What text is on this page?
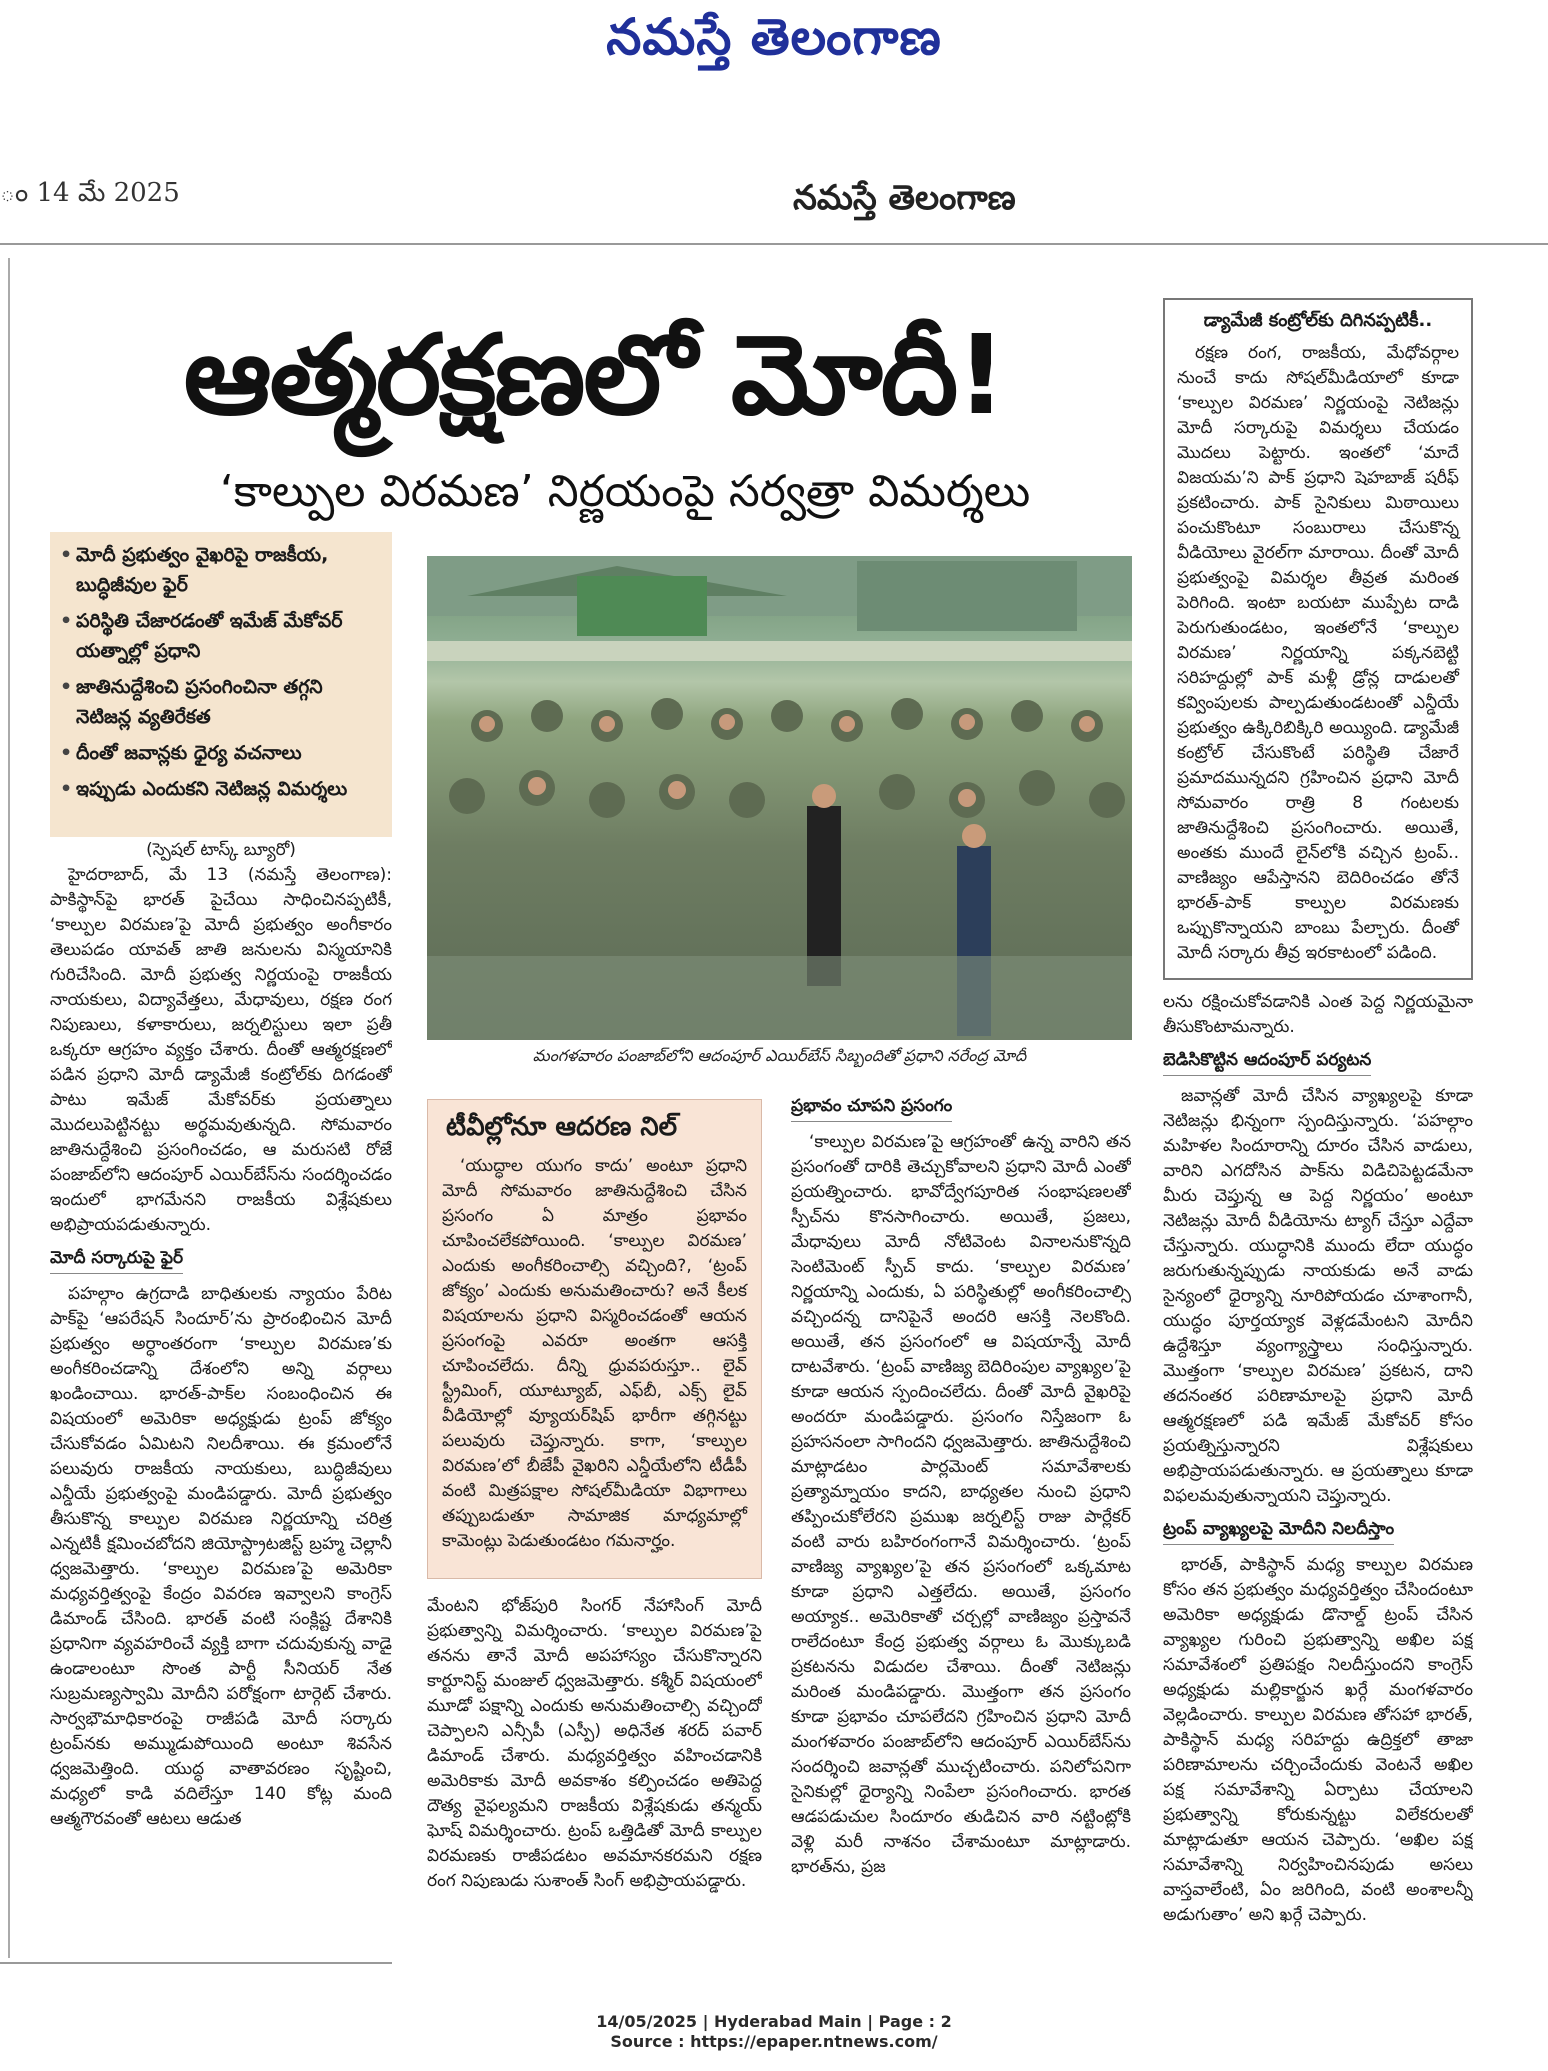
నమస్తే తెలంగాణ
ం 14 మే 2025	నమస్తే తెలంగాణ
ఆత్మరక్షణలో మోదీ!
‘కాల్పుల విరమణ’ నిర్ణయంపై సర్వత్రా విమర్శలు
• మోదీ ప్రభుత్వం వైఖరిపై రాజకీయ, బుద్ధిజీవుల ఫైర్
• పరిస్థితి చేజారడంతో ఇమేజ్ మేకోవర్ యత్నాల్లో ప్రధాని
• జాతినుద్దేశించి ప్రసంగించినా తగ్గని నెటిజన్ల వ్యతిరేకత
• దీంతో జవాన్లకు ధైర్య వచనాలు
• ఇప్పుడు ఎందుకని నెటిజన్ల విమర్శలు
మంగళవారం పంజాబ్‌లోని ఆదంపూర్ ఎయిర్‌బేస్ సిబ్బందితో ప్రధాని నరేంద్ర మోదీ
(స్పెషల్ టాస్క్ బ్యూరో)

హైదరాబాద్, మే 13 (నమస్తే తెలంగాణ): పాకిస్థాన్‌పై భారత్ పైచేయి సాధించినప్పటికీ, ‘కాల్పుల విరమణ’పై మోదీ ప్రభుత్వం అంగీకారం తెలుపడం యావత్ జాతి జనులను విస్మయానికి గురిచేసింది. మోదీ ప్రభుత్వ నిర్ణయంపై రాజకీయ నాయకులు, విద్యావేత్తలు, మేధావులు, రక్షణ రంగ నిపుణులు, కళాకారులు, జర్నలిస్టులు ఇలా ప్రతీ ఒక్కరూ ఆగ్రహం వ్యక్తం చేశారు. దీంతో ఆత్మరక్షణలో పడిన ప్రధాని మోదీ డ్యామేజీ కంట్రోల్‌కు దిగడంతో పాటు ఇమేజ్ మేకోవర్‌కు ప్రయత్నాలు మొదలుపెట్టినట్టు అర్థమవుతున్నది. సోమవారం జాతినుద్దేశించి ప్రసంగించడం, ఆ మరుసటి రోజే పంజాబ్‌లోని ఆదంపూర్ ఎయిర్‌బేస్‌ను సందర్శించడం ఇందులో భాగమేనని రాజకీయ విశ్లేషకులు అభిప్రాయపడుతున్నారు.

మోదీ సర్కారుపై ఫైర్

పహల్గాం ఉగ్రదాడి బాధితులకు న్యాయం పేరిట పాక్‌పై ‘ఆపరేషన్ సిందూర్’ను ప్రారంభించిన మోదీ ప్రభుత్వం అర్ధాంతరంగా ‘కాల్పుల విరమణ’కు అంగీకరించడాన్ని దేశంలోని అన్ని వర్గాలు ఖండించాయి. భారత్-పాక్‌ల సంబంధించిన ఈ విషయంలో అమెరికా అధ్యక్షుడు ట్రంప్ జోక్యం చేసుకోవడం ఏమిటని నిలదీశాయి. ఈ క్రమంలోనే పలువురు రాజకీయ నాయకులు, బుద్ధిజీవులు ఎన్డీయే ప్రభుత్వంపై మండిపడ్డారు. మోదీ ప్రభుత్వం తీసుకొన్న కాల్పుల విరమణ నిర్ణయాన్ని చరిత్ర ఎన్నటికీ క్షమించబోదని జియోస్ట్రాటజిస్ట్ బ్రహ్మ చెల్లానీ ధ్వజమెత్తారు. ‘కాల్పుల విరమణ’పై అమెరికా మధ్యవర్తిత్వంపై కేంద్రం వివరణ ఇవ్వాలని కాంగ్రెస్ డిమాండ్ చేసింది. భారత్ వంటి సంక్లిష్ట దేశానికి ప్రధానిగా వ్యవహరించే వ్యక్తి బాగా చదువుకున్న వాడై ఉండాలంటూ సొంత పార్టీ సీనియర్ నేత సుబ్రమణ్యస్వామి మోదీని పరోక్షంగా టార్గెట్ చేశారు. సార్వభౌమాధికారంపై రాజీపడి మోదీ సర్కారు ట్రంప్‌నకు అమ్ముడుపోయింది అంటూ శివసేన ధ్వజమెత్తింది. యుద్ధ వాతావరణం సృష్టించి, మధ్యలో కాడి వదిలేస్తూ 140 కోట్ల మంది ఆత్మగౌరవంతో ఆటలు ఆడుత

టీవీల్లోనూ ఆదరణ నిల్
‘యుద్ధాల యుగం కాదు’ అంటూ ప్రధాని మోదీ సోమవారం జాతినుద్దేశించి చేసిన ప్రసంగం ఏ మాత్రం ప్రభావం చూపించలేకపోయింది. ‘కాల్పుల విరమణ’ ఎందుకు అంగీకరించాల్సి వచ్చింది?, ‘ట్రంప్ జోక్యం’ ఎందుకు అనుమతించారు? అనే కీలక విషయాలను ప్రధాని విస్మరించడంతో ఆయన ప్రసంగంపై ఎవరూ అంతగా ఆసక్తి చూపించలేదు. దీన్ని ధ్రువపరుస్తూ.. లైవ్ స్ట్రీమింగ్, యూట్యూబ్, ఎఫ్‌బీ, ఎక్స్ లైవ్ వీడియోల్లో వ్యూయర్‌షిప్ భారీగా తగ్గినట్టు పలువురు చెప్తున్నారు. కాగా, ‘కాల్పుల విరమణ’లో బీజేపీ వైఖరిని ఎన్డీయేలోని టీడీపీ వంటి మిత్రపక్షాల సోషల్‌మీడియా విభాగాలు తప్పుబడుతూ సామాజిక మాధ్యమాల్లో కామెంట్లు పెడుతుండటం గమనార్హం.

మేంటని భోజ్‌పురి సింగర్ నేహాసింగ్ మోదీ ప్రభుత్వాన్ని విమర్శించారు. ‘కాల్పుల విరమణ’పై తనను తానే మోదీ అపహాస్యం చేసుకొన్నారని కార్టూనిస్ట్ మంజుల్ ధ్వజమెత్తారు. కశ్మీర్ విషయంలో మూడో పక్షాన్ని ఎందుకు అనుమతించాల్సి వచ్చిందో చెప్పాలని ఎన్సీపీ (ఎస్పీ) అధినేత శరద్ పవార్ డిమాండ్ చేశారు. మధ్యవర్తిత్వం వహించడానికి అమెరికాకు మోదీ అవకాశం కల్పించడం అతిపెద్ద దౌత్య వైఫల్యమని రాజకీయ విశ్లేషకుడు తన్మయ్ ఘోష్ విమర్శించారు. ట్రంప్ ఒత్తిడితో మోదీ కాల్పుల విరమణకు రాజీపడటం అవమానకరమని రక్షణ రంగ నిపుణుడు సుశాంత్ సింగ్ అభిప్రాయపడ్డారు.

ప్రభావం చూపని ప్రసంగం

‘కాల్పుల విరమణ’పై ఆగ్రహంతో ఉన్న వారిని తన ప్రసంగంతో దారికి తెచ్చుకోవాలని ప్రధాని మోదీ ఎంతో ప్రయత్నించారు. భావోద్వేగపూరిత సంభాషణలతో స్పీచ్‌ను కొనసాగించారు. అయితే, ప్రజలు, మేధావులు మోదీ నోటివెంట వినాలనుకొన్నది సెంటిమెంట్ స్పీచ్ కాదు. ‘కాల్పుల విరమణ’ నిర్ణయాన్ని ఎందుకు, ఏ పరిస్థితుల్లో అంగీకరించాల్సి వచ్చిందన్న దానిపైనే అందరి ఆసక్తి నెలకొంది. అయితే, తన ప్రసంగంలో ఆ విషయాన్నే మోదీ దాటవేశారు. ‘ట్రంప్ వాణిజ్య బెదిరింపుల వ్యాఖ్యల’పై కూడా ఆయన స్పందించలేదు. దీంతో మోదీ వైఖరిపై అందరూ మండిపడ్డారు. ప్రసంగం నిస్తేజంగా ఓ ప్రహసనంలా సాగిందని ధ్వజమెత్తారు. జాతినుద్దేశించి మాట్లాడటం పార్లమెంట్ సమావేశాలకు ప్రత్యామ్నాయం కాదని, బాధ్యతల నుంచి ప్రధాని తప్పించుకోలేరని ప్రముఖ జర్నలిస్ట్ రాజు పార్లేకర్ వంటి వారు బహిరంగంగానే విమర్శించారు. ‘ట్రంప్ వాణిజ్య వ్యాఖ్యల’పై తన ప్రసంగంలో ఒక్కమాట కూడా ప్రధాని ఎత్తలేదు. అయితే, ప్రసంగం అయ్యాక.. అమెరికాతో చర్చల్లో వాణిజ్యం ప్రస్తావనే రాలేదంటూ కేంద్ర ప్రభుత్వ వర్గాలు ఓ మొక్కుబడి ప్రకటనను విడుదల చేశాయి. దీంతో నెటిజన్లు మరింత మండిపడ్డారు. మొత్తంగా తన ప్రసంగం కూడా ప్రభావం చూపలేదని గ్రహించిన ప్రధాని మోదీ మంగళవారం పంజాబ్‌లోని ఆదంపూర్ ఎయిర్‌బేస్‌ను సందర్శించి జవాన్లతో ముచ్చటించారు. పనిలోపనిగా సైనికుల్లో ధైర్యాన్ని నింపేలా ప్రసంగించారు. భారత ఆడపడుచుల సిందూరం తుడిచిన వారి నట్టింట్లోకి వెళ్లి మరీ నాశనం చేశామంటూ మాట్లాడారు. భారత్‌ను, ప్రజ

డ్యామేజీ కంట్రోల్‌కు దిగినప్పటికీ..
రక్షణ రంగ, రాజకీయ, మేధోవర్గాల నుంచే కాదు సోషల్‌మీడియాలో కూడా ‘కాల్పుల విరమణ’ నిర్ణయంపై నెటిజన్లు మోదీ సర్కారుపై విమర్శలు చేయడం మొదలు పెట్టారు. ఇంతలో ‘మాదే విజయమ’ని పాక్ ప్రధాని షెహబాజ్ షరీఫ్ ప్రకటించారు. పాక్ సైనికులు మిఠాయిలు పంచుకొంటూ సంబురాలు చేసుకొన్న వీడియోలు వైరల్‌గా మారాయి. దీంతో మోదీ ప్రభుత్వంపై విమర్శల తీవ్రత మరింత పెరిగింది. ఇంటా బయటా ముప్పేట దాడి పెరుగుతుండటం, ఇంతలోనే ‘కాల్పుల విరమణ’ నిర్ణయాన్ని పక్కనబెట్టి సరిహద్దుల్లో పాక్ మళ్లీ డ్రోన్ల దాడులతో కవ్వింపులకు పాల్పడుతుండటంతో ఎన్డీయే ప్రభుత్వం ఉక్కిరిబిక్కిరి అయ్యింది. డ్యామేజీ కంట్రోల్ చేసుకొంటే పరిస్థితి చేజారే ప్రమాదమున్నదని గ్రహించిన ప్రధాని మోదీ సోమవారం రాత్రి 8 గంటలకు జాతినుద్దేశించి ప్రసంగించారు. అయితే, అంతకు ముందే లైన్‌లోకి వచ్చిన ట్రంప్.. వాణిజ్యం ఆపేస్తానని బెదిరించడం తోనే భారత్-పాక్ కాల్పుల విరమణకు ఒప్పుకొన్నాయని బాంబు పేల్చారు. దీంతో మోదీ సర్కారు తీవ్ర ఇరకాటంలో పడింది.

లను రక్షించుకోవడానికి ఎంత పెద్ద నిర్ణయమైనా తీసుకొంటామన్నారు.

బెడిసికొట్టిన ఆదంపూర్ పర్యటన

జవాన్లతో మోదీ చేసిన వ్యాఖ్యలపై కూడా నెటిజన్లు భిన్నంగా స్పందిస్తున్నారు. ‘పహల్గాం మహిళల సిందూరాన్ని దూరం చేసిన వాడులు, వారిని ఎగదోసిన పాక్‌ను విడిచిపెట్టడమేనా మీరు చెప్తున్న ఆ పెద్ద నిర్ణయం’ అంటూ నెటిజన్లు మోదీ వీడియోను ట్యాగ్ చేస్తూ ఎద్దేవా చేస్తున్నారు. యుద్ధానికి ముందు లేదా యుద్ధం జరుగుతున్నప్పుడు నాయకుడు అనే వాడు సైన్యంలో ధైర్యాన్ని నూరిపోయడం చూశాంగానీ, యుద్ధం పూర్తయ్యాక వెళ్లడమేంటని మోదీని ఉద్దేశిస్తూ వ్యంగ్యాస్త్రాలు సంధిస్తున్నారు. మొత్తంగా ‘కాల్పుల విరమణ’ ప్రకటన, దాని తదనంతర పరిణామాలపై ప్రధాని మోదీ ఆత్మరక్షణలో పడి ఇమేజ్ మేకోవర్ కోసం ప్రయత్నిస్తున్నారని విశ్లేషకులు అభిప్రాయపడుతున్నారు. ఆ ప్రయత్నాలు కూడా విఫలమవుతున్నాయని చెప్తున్నారు.

ట్రంప్ వ్యాఖ్యలపై మోదీని నిలదీస్తాం

భారత్, పాకిస్థాన్ మధ్య కాల్పుల విరమణ కోసం తన ప్రభుత్వం మధ్యవర్తిత్వం చేసిందంటూ అమెరికా అధ్యక్షుడు డొనాల్డ్ ట్రంప్ చేసిన వ్యాఖ్యల గురించి ప్రభుత్వాన్ని అఖిల పక్ష సమావేశంలో ప్రతిపక్షం నిలదీస్తుందని కాంగ్రెస్ అధ్యక్షుడు మల్లికార్జున ఖర్గే మంగళవారం వెల్లడించారు. కాల్పుల విరమణ తోసహా భారత్, పాకిస్థాన్ మధ్య సరిహద్దు ఉద్రిక్తలో తాజా పరిణామాలను చర్చించేందుకు వెంటనే అఖిల పక్ష సమావేశాన్ని ఏర్పాటు చేయాలని ప్రభుత్వాన్ని కోరుకున్నట్టు విలేకరులతో మాట్లాడుతూ ఆయన చెప్పారు. ‘అఖిల పక్ష సమావేశాన్ని నిర్వహించినపుడు అసలు వాస్తవాలేంటి, ఏం జరిగింది, వంటి అంశాలన్నీ అడుగుతాం’ అని ఖర్గే చెప్పారు.

14/05/2025 | Hyderabad Main | Page : 2
Source : https://epaper.ntnews.com/
